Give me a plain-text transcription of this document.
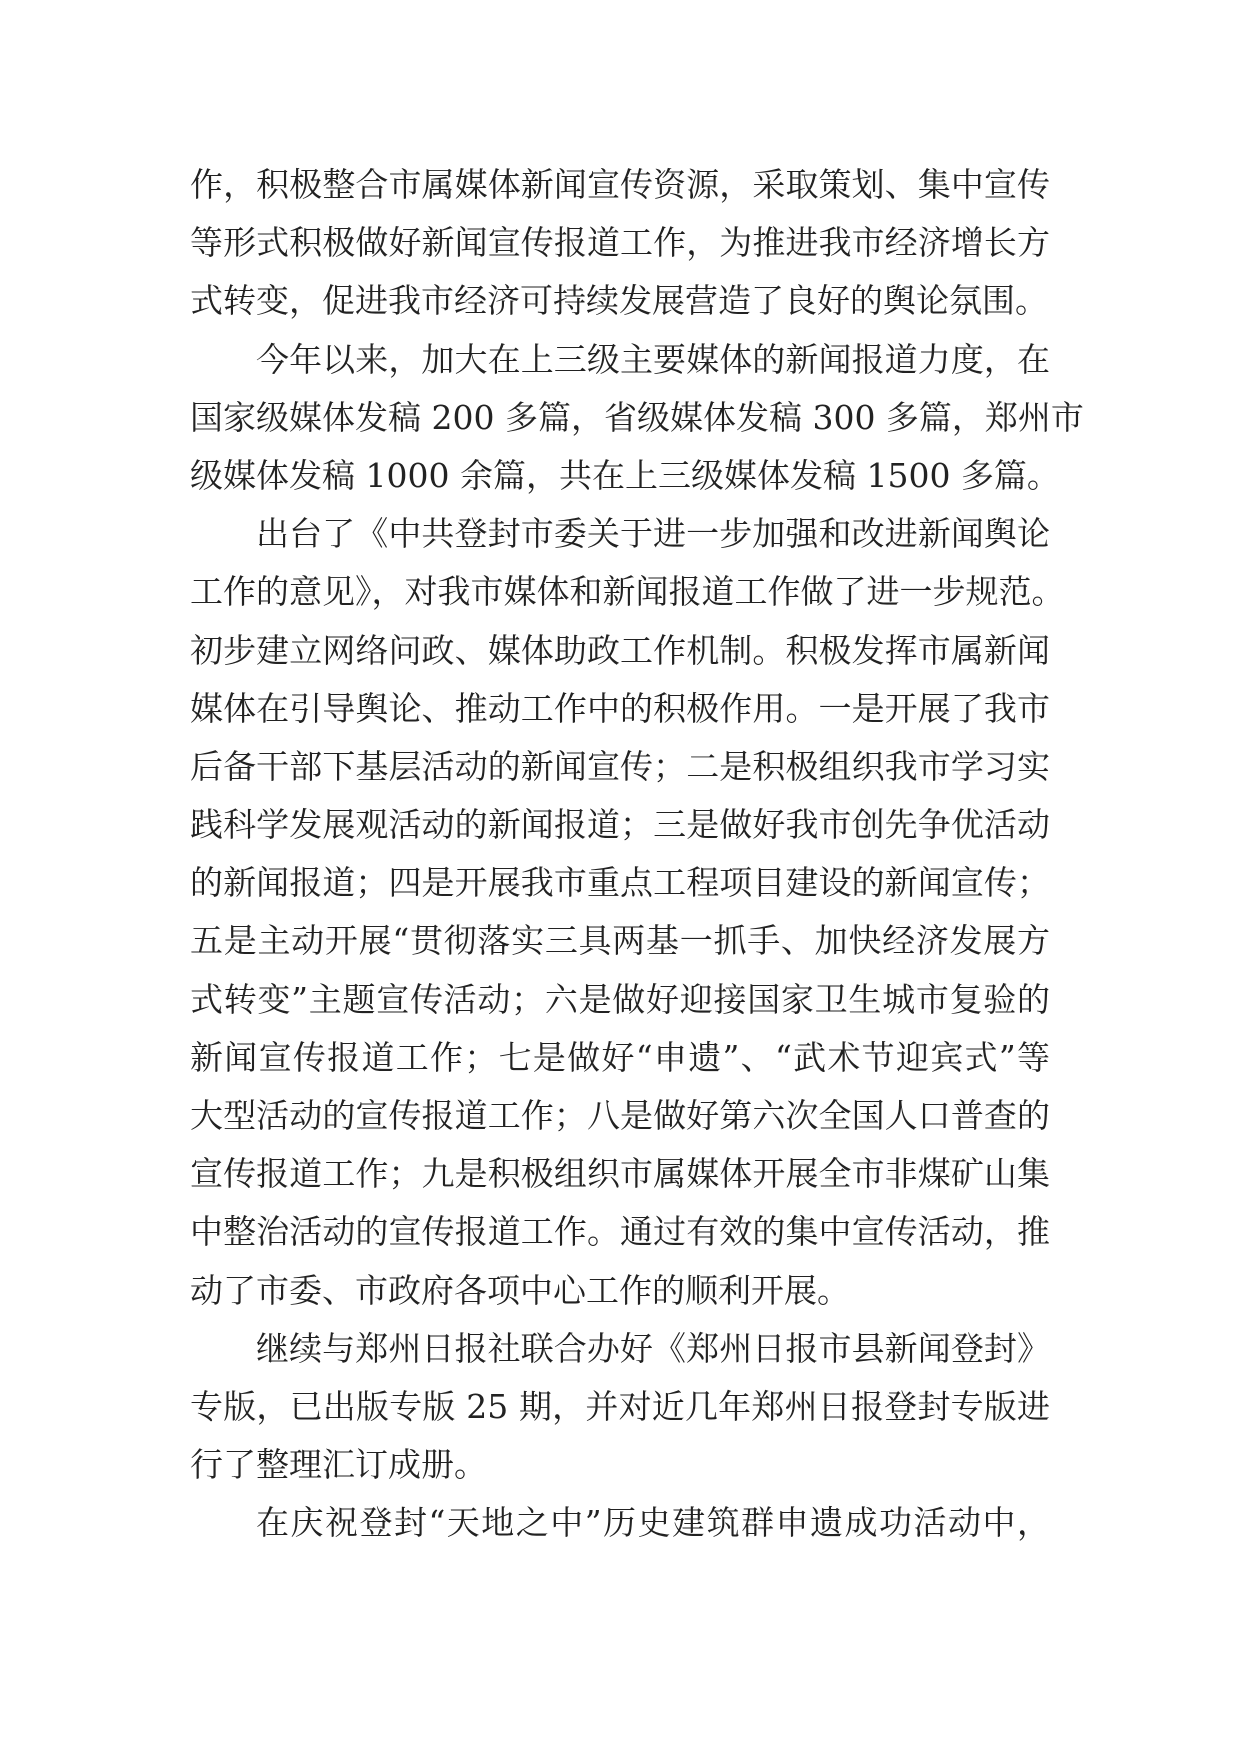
作，积极整合市属媒体新闻宣传资源，采取策划、集中宣传
等形式积极做好新闻宣传报道工作，为推进我市经济增长方
式转变，促进我市经济可持续发展营造了良好的舆论氛围。
今年以来，加大在上三级主要媒体的新闻报道力度，在
国家级媒体发稿 200 多篇，省级媒体发稿 300 多篇，郑州市
级媒体发稿 1000 余篇，共在上三级媒体发稿 1500 多篇。
出台了《中共登封市委关于进一步加强和改进新闻舆论
工作的意见》，对我市媒体和新闻报道工作做了进一步规范。
初步建立网络问政、媒体助政工作机制。积极发挥市属新闻
媒体在引导舆论、推动工作中的积极作用。一是开展了我市
后备干部下基层活动的新闻宣传；二是积极组织我市学习实
践科学发展观活动的新闻报道；三是做好我市创先争优活动
的新闻报道；四是开展我市重点工程项目建设的新闻宣传；
五是主动开展“贯彻落实三具两基一抓手、加快经济发展方
式转变”主题宣传活动；六是做好迎接国家卫生城市复验的
新闻宣传报道工作；七是做好“申遗”、“武术节迎宾式”等
大型活动的宣传报道工作；八是做好第六次全国人口普查的
宣传报道工作；九是积极组织市属媒体开展全市非煤矿山集
中整治活动的宣传报道工作。通过有效的集中宣传活动，推
动了市委、市政府各项中心工作的顺利开展。
继续与郑州日报社联合办好《郑州日报市县新闻登封》
专版，已出版专版 25 期，并对近几年郑州日报登封专版进
行了整理汇订成册。
在庆祝登封“天地之中”历史建筑群申遗成功活动中，
